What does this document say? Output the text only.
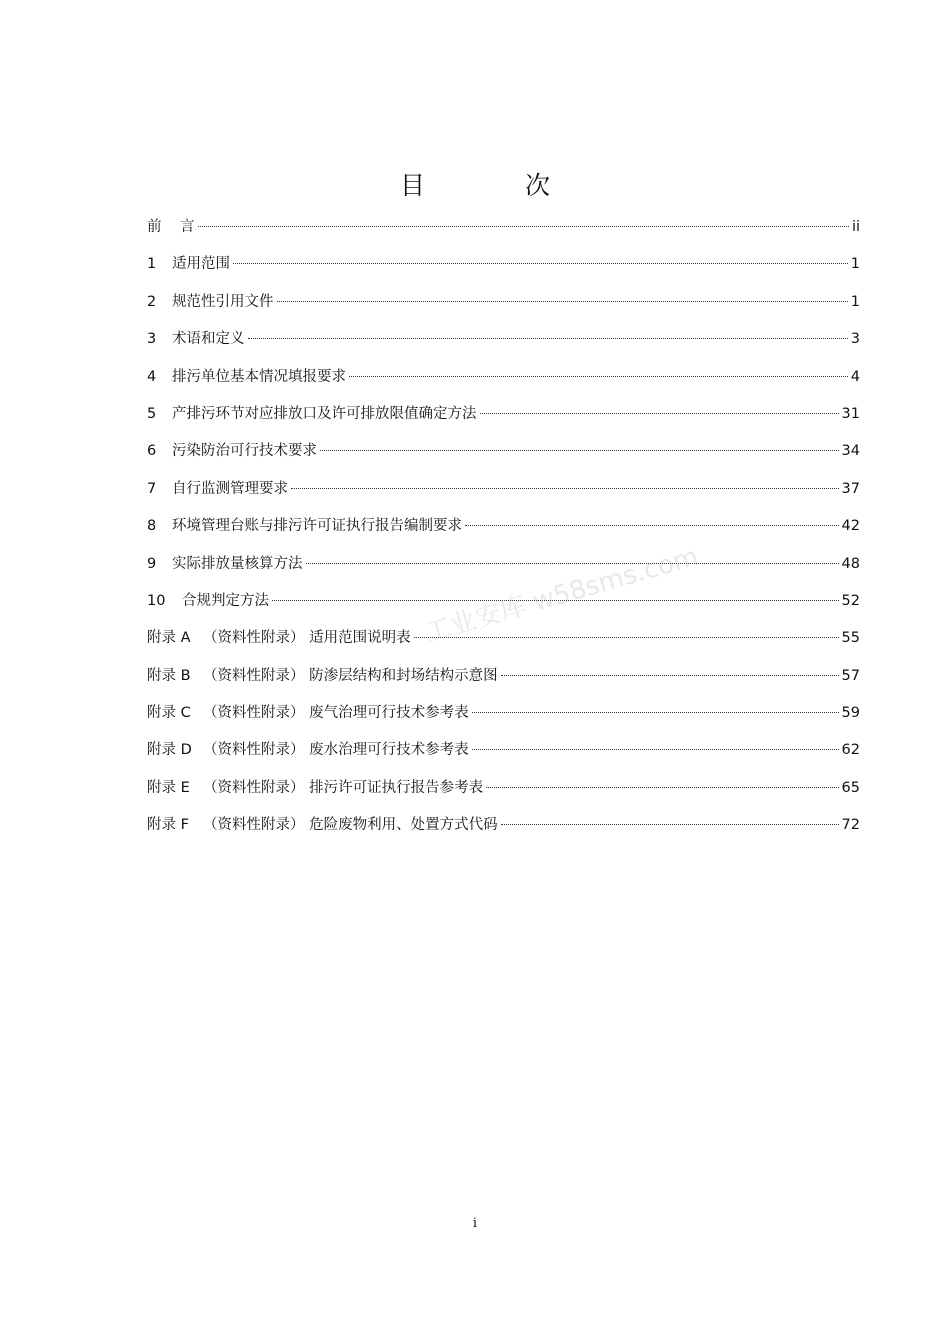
目 次
前	言	ii
1	适用范围	1
2	规范性引用文件	1
3	术语和定义	3
4	排污单位基本情况填报要求	4
5	产排污环节对应排放口及许可排放限值确定方法	31
6	污染防治可行技术要求	34
7	自行监测管理要求	37
8	环境管理台账与排污许可证执行报告编制要求	42
9	实际排放量核算方法	48
10	合规判定方法	52
附录 A （资料性附录） 适用范围说明表	55
附录 B （资料性附录） 防渗层结构和封场结构示意图	57
附录 C （资料性附录） 废气治理可行技术参考表	59
附录 D （资料性附录） 废水治理可行技术参考表	62
附录 E （资料性附录） 排污许可证执行报告参考表	65
附录 F （资料性附录） 危险废物利用、处置方式代码	72
工业安库 w58sms.com
i
